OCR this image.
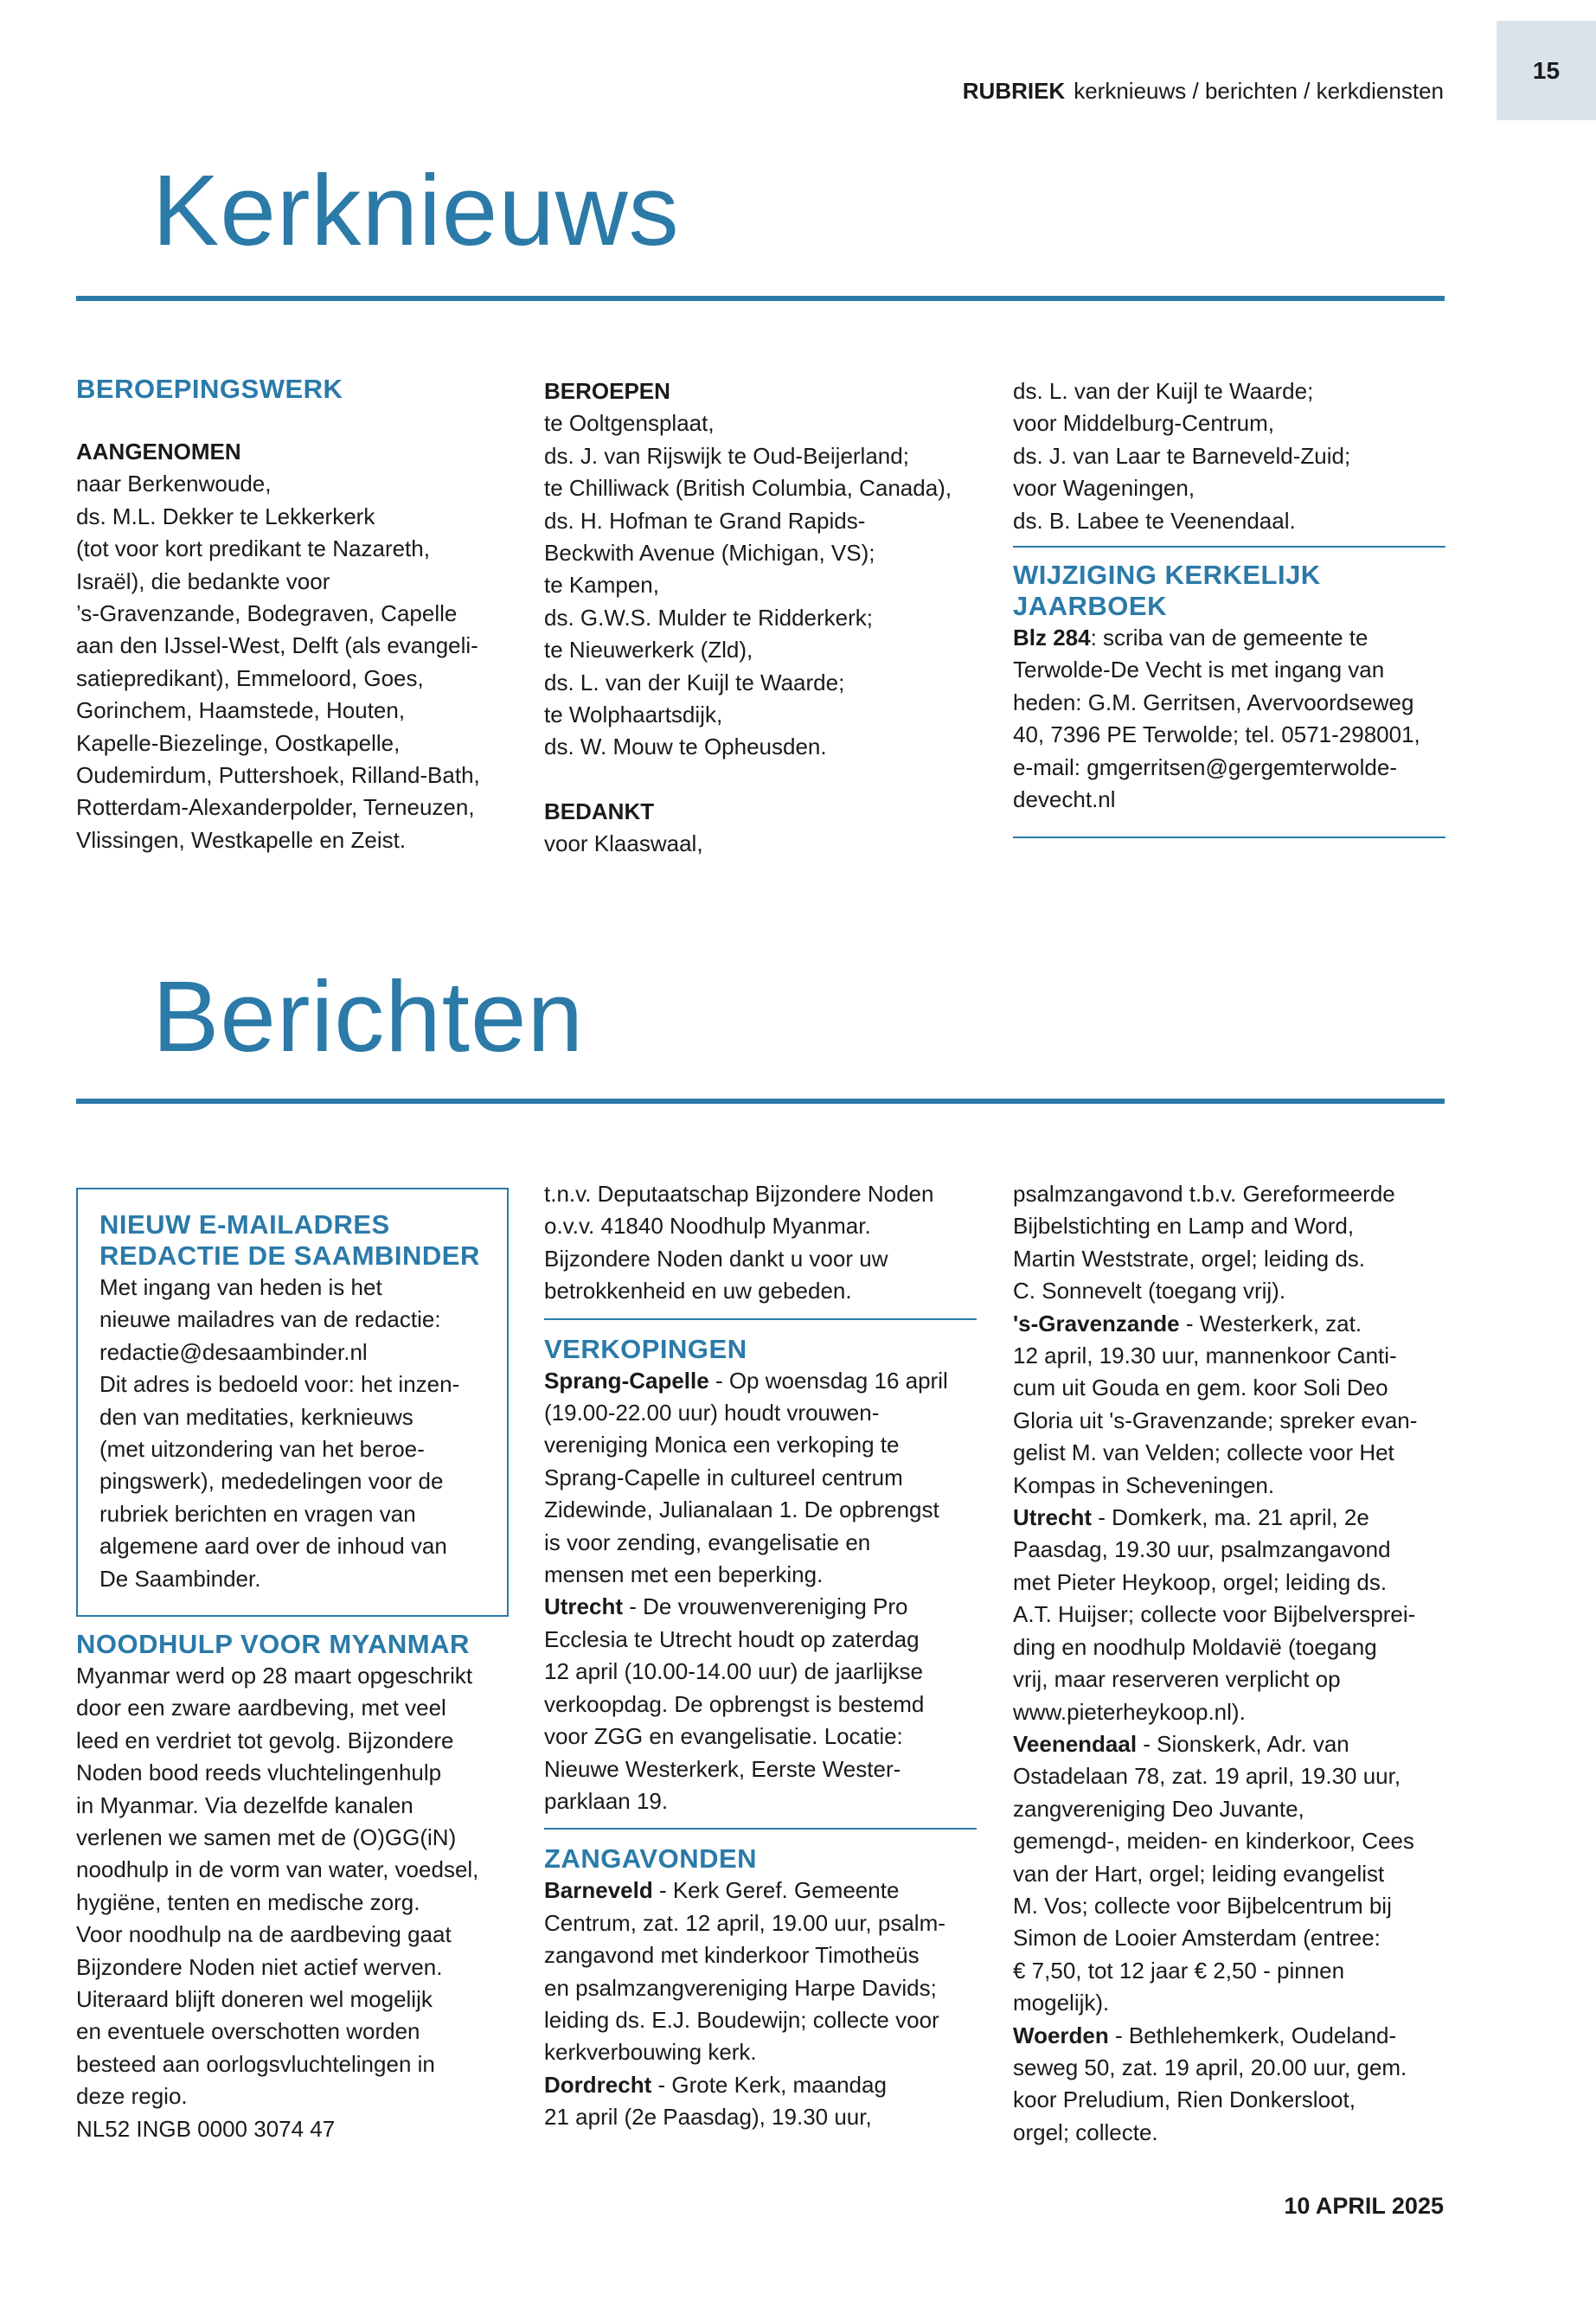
RUBRIEK kerknieuws / berichten / kerkdiensten
15
Kerknieuws
BEROEPINGSWERK
AANGENOMEN
naar Berkenwoude,
ds. M.L. Dekker te Lekkerkerk
(tot voor kort predikant te Nazareth,
Israël), die bedankte voor
’s-Gravenzande, Bodegraven, Capelle
aan den IJssel-West, Delft (als evangeli-
satiepredikant), Emmeloord, Goes,
Gorinchem, Haamstede, Houten,
Kapelle-Biezelinge, Oostkapelle,
Oudemirdum, Puttershoek, Rilland-Bath,
Rotterdam-Alexanderpolder, Terneuzen,
Vlissingen, Westkapelle en Zeist.
BEROEPEN
te Ooltgensplaat,
ds. J. van Rijswijk te Oud-Beijerland;
te Chilliwack (British Columbia, Canada),
ds. H. Hofman te Grand Rapids-
Beckwith Avenue (Michigan, VS);
te Kampen,
ds. G.W.S. Mulder te Ridderkerk;
te Nieuwerkerk (Zld),
ds. L. van der Kuijl te Waarde;
te Wolphaartsdijk,
ds. W. Mouw te Opheusden.
BEDANKT
voor Klaaswaal,
ds. L. van der Kuijl te Waarde;
voor Middelburg-Centrum,
ds. J. van Laar te Barneveld-Zuid;
voor Wageningen,
ds. B. Labee te Veenendaal.
WIJZIGING KERKELIJK
JAARBOEK
Blz 284: scriba van de gemeente te
Terwolde-De Vecht is met ingang van
heden: G.M. Gerritsen, Avervoordseweg
40, 7396 PE Terwolde; tel. 0571-298001,
e-mail: gmgerritsen@gergemterwolde-
devecht.nl
Berichten
NIEUW E-MAILADRES
REDACTIE DE SAAMBINDER
Met ingang van heden is het
nieuwe mailadres van de redactie:
redactie@desaambinder.nl
Dit adres is bedoeld voor: het inzen-
den van meditaties, kerknieuws
(met uitzondering van het beroe-
pingswerk), mededelingen voor de
rubriek berichten en vragen van
algemene aard over de inhoud van
De Saambinder.
NOODHULP VOOR MYANMAR
Myanmar werd op 28 maart opgeschrikt
door een zware aardbeving, met veel
leed en verdriet tot gevolg. Bijzondere
Noden bood reeds vluchtelingenhulp
in Myanmar. Via dezelfde kanalen
verlenen we samen met de (O)GG(iN)
noodhulp in de vorm van water, voedsel,
hygiëne, tenten en medische zorg.
Voor noodhulp na de aardbeving gaat
Bijzondere Noden niet actief werven.
Uiteraard blijft doneren wel mogelijk
en eventuele overschotten worden
besteed aan oorlogsvluchtelingen in
deze regio.
NL52 INGB 0000 3074 47
t.n.v. Deputaatschap Bijzondere Noden
o.v.v. 41840 Noodhulp Myanmar.
Bijzondere Noden dankt u voor uw
betrokkenheid en uw gebeden.
VERKOPINGEN
Sprang-Capelle - Op woensdag 16 april
(19.00-22.00 uur) houdt vrouwen-
vereniging Monica een verkoping te
Sprang-Capelle in cultureel centrum
Zidewinde, Julianalaan 1. De opbrengst
is voor zending, evangelisatie en
mensen met een beperking.
Utrecht - De vrouwenvereniging Pro
Ecclesia te Utrecht houdt op zaterdag
12 april (10.00-14.00 uur) de jaarlijkse
verkoopdag. De opbrengst is bestemd
voor ZGG en evangelisatie. Locatie:
Nieuwe Westerkerk, Eerste Wester-
parklaan 19.
ZANGAVONDEN
Barneveld - Kerk Geref. Gemeente
Centrum, zat. 12 april, 19.00 uur, psalm-
zangavond met kinderkoor Timotheüs
en psalmzangvereniging Harpe Davids;
leiding ds. E.J. Boudewijn; collecte voor
kerkverbouwing kerk.
Dordrecht - Grote Kerk, maandag
21 april (2e Paasdag), 19.30 uur,
psalmzangavond t.b.v. Gereformeerde
Bijbelstichting en Lamp and Word,
Martin Weststrate, orgel; leiding ds.
C. Sonnevelt (toegang vrij).
's-Gravenzande - Westerkerk, zat.
12 april, 19.30 uur, mannenkoor Canti-
cum uit Gouda en gem. koor Soli Deo
Gloria uit 's-Gravenzande; spreker evan-
gelist M. van Velden; collecte voor Het
Kompas in Scheveningen.
Utrecht - Domkerk, ma. 21 april, 2e
Paasdag, 19.30 uur, psalmzangavond
met Pieter Heykoop, orgel; leiding ds.
A.T. Huijser; collecte voor Bijbelversprei-
ding en noodhulp Moldavië (toegang
vrij, maar reserveren verplicht op
www.pieterheykoop.nl).
Veenendaal - Sionskerk, Adr. van
Ostadelaan 78, zat. 19 april, 19.30 uur,
zangvereniging Deo Juvante,
gemengd-, meiden- en kinderkoor, Cees
van der Hart, orgel; leiding evangelist
M. Vos; collecte voor Bijbelcentrum bij
Simon de Looier Amsterdam (entree:
€ 7,50, tot 12 jaar € 2,50 - pinnen
mogelijk).
Woerden - Bethlehemkerk, Oudeland-
seweg 50, zat. 19 april, 20.00 uur, gem.
koor Preludium, Rien Donkersloot,
orgel; collecte.
10 APRIL 2025
